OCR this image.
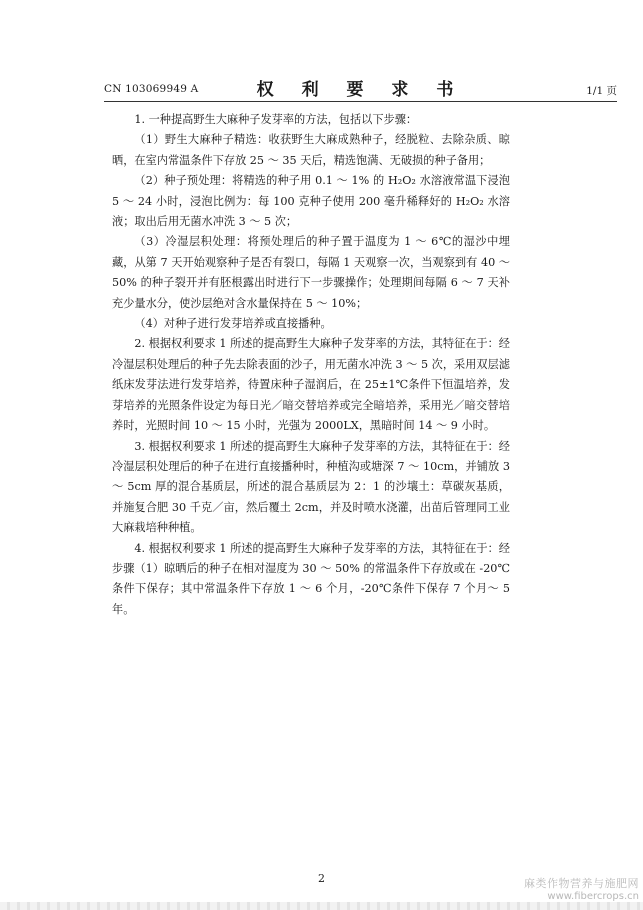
CN 103069949 A	权 利 要 求 书	1/1 页

1. 一种提高野生大麻种子发芽率的方法，包括以下步骤：

（1）野生大麻种子精选：收获野生大麻成熟种子，经脱粒、去除杂质、晾晒，在室内常温条件下存放 25 ～ 35 天后，精选饱满、无破损的种子备用；

（2）种子预处理：将精选的种子用 0.1 ～ 1% 的 H₂O₂ 水溶液常温下浸泡 5 ～ 24 小时，浸泡比例为：每 100 克种子使用 200 毫升稀释好的 H₂O₂ 水溶液；取出后用无菌水冲洗 3 ～ 5 次；

（3）冷湿层积处理：将预处理后的种子置于温度为 1 ～ 6℃的湿沙中埋藏，从第 7 天开始观察种子是否有裂口，每隔 1 天观察一次，当观察到有 40 ～ 50% 的种子裂开并有胚根露出时进行下一步骤操作；处理期间每隔 6 ～ 7 天补充少量水分，使沙层绝对含水量保持在 5 ～ 10%；

（4）对种子进行发芽培养或直接播种。

2. 根据权利要求 1 所述的提高野生大麻种子发芽率的方法，其特征在于：经冷湿层积处理后的种子先去除表面的沙子，用无菌水冲洗 3 ～ 5 次，采用双层滤纸床发芽法进行发芽培养，待置床种子湿润后，在 25±1℃条件下恒温培养，发芽培养的光照条件设定为每日光／暗交替培养或完全暗培养，采用光／暗交替培养时，光照时间 10 ～ 15 小时，光强为 2000LX，黑暗时间 14 ～ 9 小时。

3. 根据权利要求 1 所述的提高野生大麻种子发芽率的方法，其特征在于：经冷湿层积处理后的种子在进行直接播种时，种植沟或塘深 7 ～ 10cm，并铺放 3 ～ 5cm 厚的混合基质层，所述的混合基质层为 2：1 的沙壤土：草碳灰基质，并施复合肥 30 千克／亩，然后覆土 2cm，并及时喷水浇灌，出苗后管理同工业大麻栽培种种植。

4. 根据权利要求 1 所述的提高野生大麻种子发芽率的方法，其特征在于：经步骤（1）晾晒后的种子在相对湿度为 30 ～ 50% 的常温条件下存放或在 -20℃条件下保存；其中常温条件下存放 1 ～ 6 个月，-20℃条件下保存 7 个月～ 5 年。

2	麻类作物营养与施肥网
www.fibercrops.cn
